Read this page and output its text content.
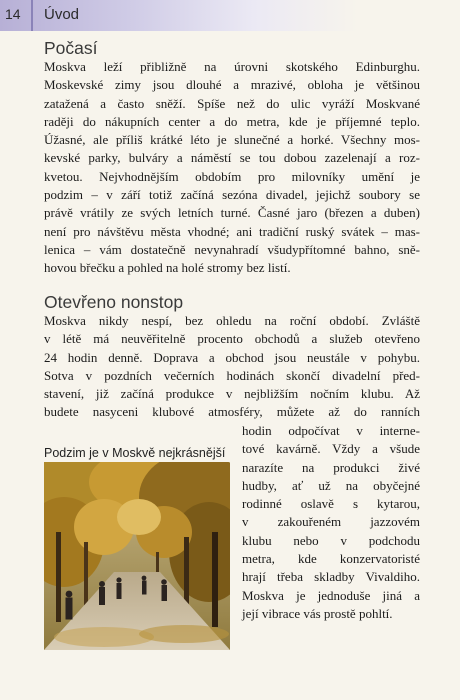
14 Úvod
Počasí
Moskva leží přibližně na úrovni skotského Edinburghu.
Moskevské zimy jsou dlouhé a mrazivé, obloha je většinou
zatažená a často sněží. Spíše než do ulic vyráží Moskvané
raději do nákupních center a do metra, kde je příjemné teplo.
Úžasné, ale příliš krátké léto je slunečné a horké. Všechny mos-
kevské parky, bulváry a náměstí se tou dobou zazelenají a roz-
kvetou. Nejvhodnějším obdobím pro milovníky umění je
podzim – v září totiž začíná sezóna divadel, jejichž soubory se
právě vrátily ze svých letních turné. Časné jaro (březen a duben)
není pro návštěvu města vhodné; ani tradiční ruský svátek – mas-
lenica – vám dostatečně nevynahradí všudypřítomné bahno, sně-
hovou břečku a pohled na holé stromy bez listí.
Otevřeno nonstop
Moskva nikdy nespí, bez ohledu na roční období. Zvláště
v létě má neuvěřitelně procento obchodů a služeb otevřeno
24 hodin denně. Doprava a obchod jsou neustále v pohybu.
Sotva v pozdních večerních hodinách skončí divadelní před-
stavení, již začíná produkce v nejbližším nočním klubu. Až
budete nasyceni klubové atmosféry, můžete až do ranních
Podzim je v Moskvě nejkrásnější
hodin odpočívat v interne-
tové kavárně. Vždy a všude
narazíte na produkci živé
hudby, ať už na obyčejné
rodinné oslavě s kytarou,
v zakouřeném jazzovém
klubu nebo v podchodu
metra, kde konzervatoristé
hrají třeba skladby Vivaldiho.
Moskva je jednoduše jiná a
její vibrace vás prostě pohltí.
